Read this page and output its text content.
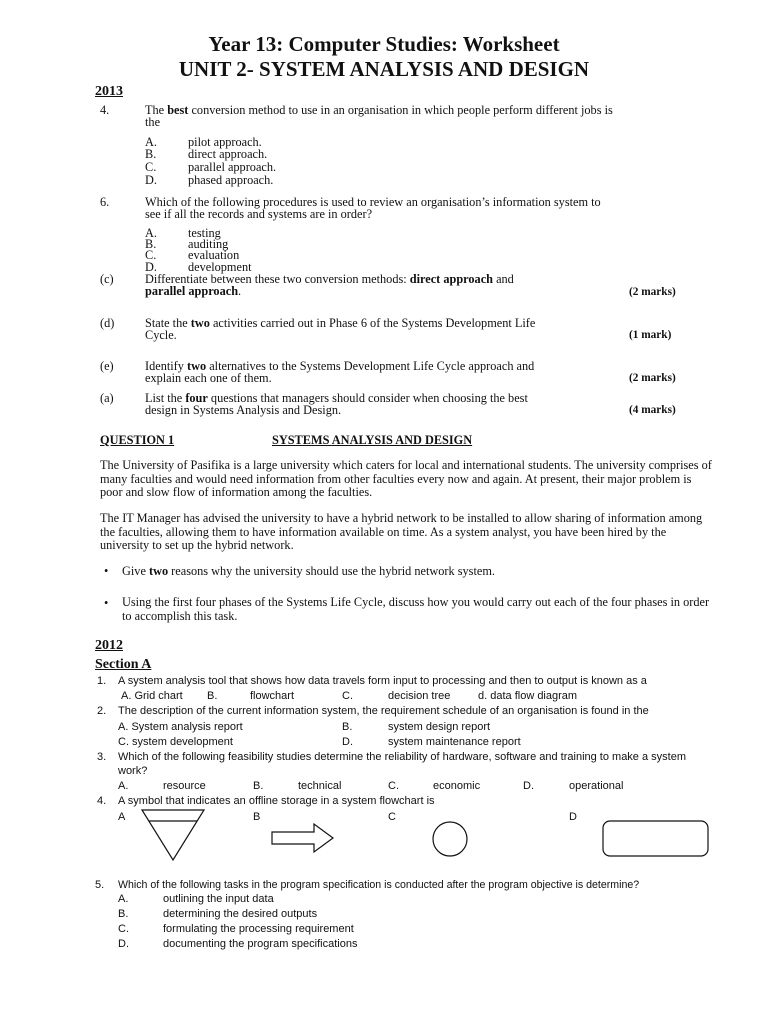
Year 13: Computer Studies: Worksheet
UNIT 2- SYSTEM ANALYSIS AND DESIGN
2013
4.	The best conversion method to use in an organisation in which people perform different jobs is
the
A.	pilot approach.
B.	direct approach.
C.	parallel approach.
D.	phased approach.
6.	Which of the following procedures is used to review an organisation’s information system to
see if all the records and systems are in order?
A.	testing
B.	auditing
C.	evaluation
D.	development
(c)	Differentiate between these two conversion methods: direct approach and
parallel approach.	(2 marks)
(d) State the two activities carried out in Phase 6 of the Systems Development Life
Cycle.	(1 mark)
(e)	Identify two alternatives to the Systems Development Life Cycle approach and
explain each one of them.	(2 marks)
(a)	List the four questions that managers should consider when choosing the best
design in Systems Analysis and Design.	(4 marks)
QUESTION 1	SYSTEMS ANALYSIS AND DESIGN
The University of Pasifika is a large university which caters for local and international students. The university comprises of many faculties and would need information from other faculties every now and again. At present, their major problem is poor and slow flow of information among the faculties.
The IT Manager has advised the university to have a hybrid network to be installed to allow sharing of information among the faculties, allowing them to have information available on time. As a system analyst, you have been hired by the university to set up the hybrid network.
• Give two reasons why the university should use the hybrid network system.
• Using the first four phases of the Systems Life Cycle, discuss how you would carry out each of the four phases in order to accomplish this task.
2012
Section A
1. A system analysis tool that shows how data travels form input to processing and then to output is known as a
A. Grid chart B.	flowchart	C.	decision tree	d. data flow diagram
2. The description of the current information system, the requirement schedule of an organisation is found in the
A. System analysis report	B.	system design report
C. system development	D.	system maintenance report
3. Which of the following feasibility studies determine the reliability of hardware, software and training to make a system
work?
A.	resource	B.	technical	C.	economic	D.	operational
4. A symbol that indicates an offline storage in a system flowchart is
A	B	C	D
5. Which of the following tasks in the program specification is conducted after the program objective is determine?
A.	outlining the input data
B.	determining the desired outputs
C.	formulating the processing requirement
D.	documenting the program specifications
